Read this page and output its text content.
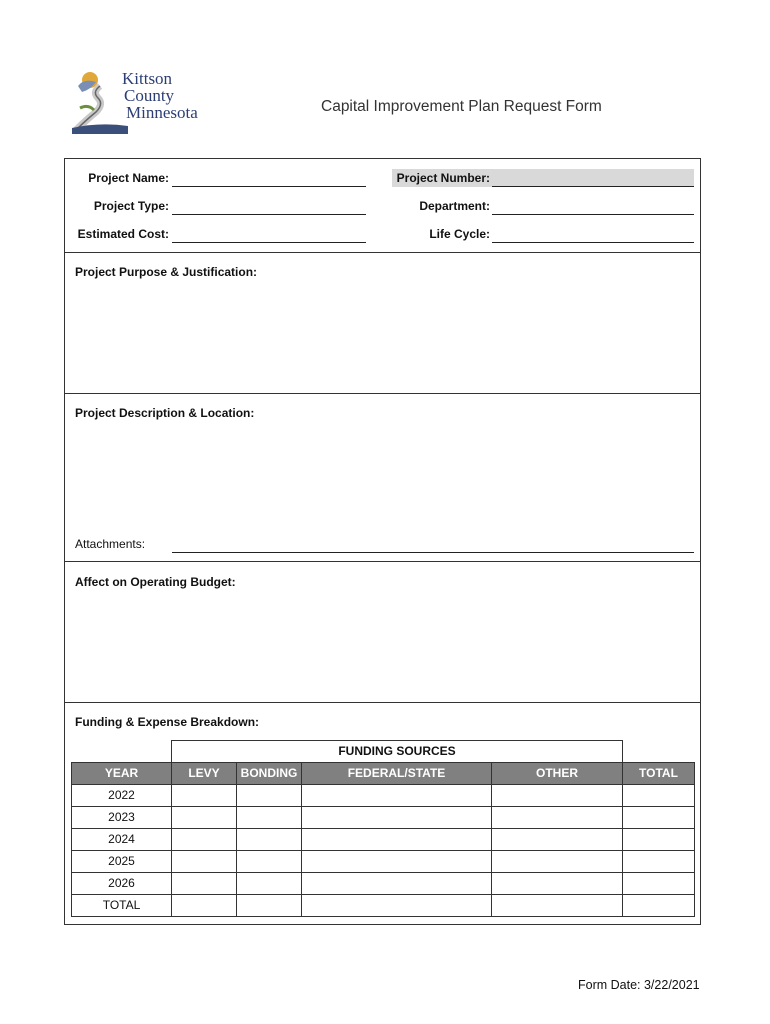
Kittson
County
Minnesota	Capital Improvement Plan Request Form
Project Name:	Project Number:
Project Type:	Department:
Estimated Cost:	Life Cycle:
Project Purpose & Justification:
Project Description & Location:
Attachments:
Affect on Operating Budget:
Funding & Expense Breakdown:
	FUNDING SOURCES				
YEAR	LEVY	BONDING	FEDERAL/STATE	OTHER	TOTAL
2022					
2023					
2024					
2025					
2026					
TOTAL					
Form Date: 3/22/2021
